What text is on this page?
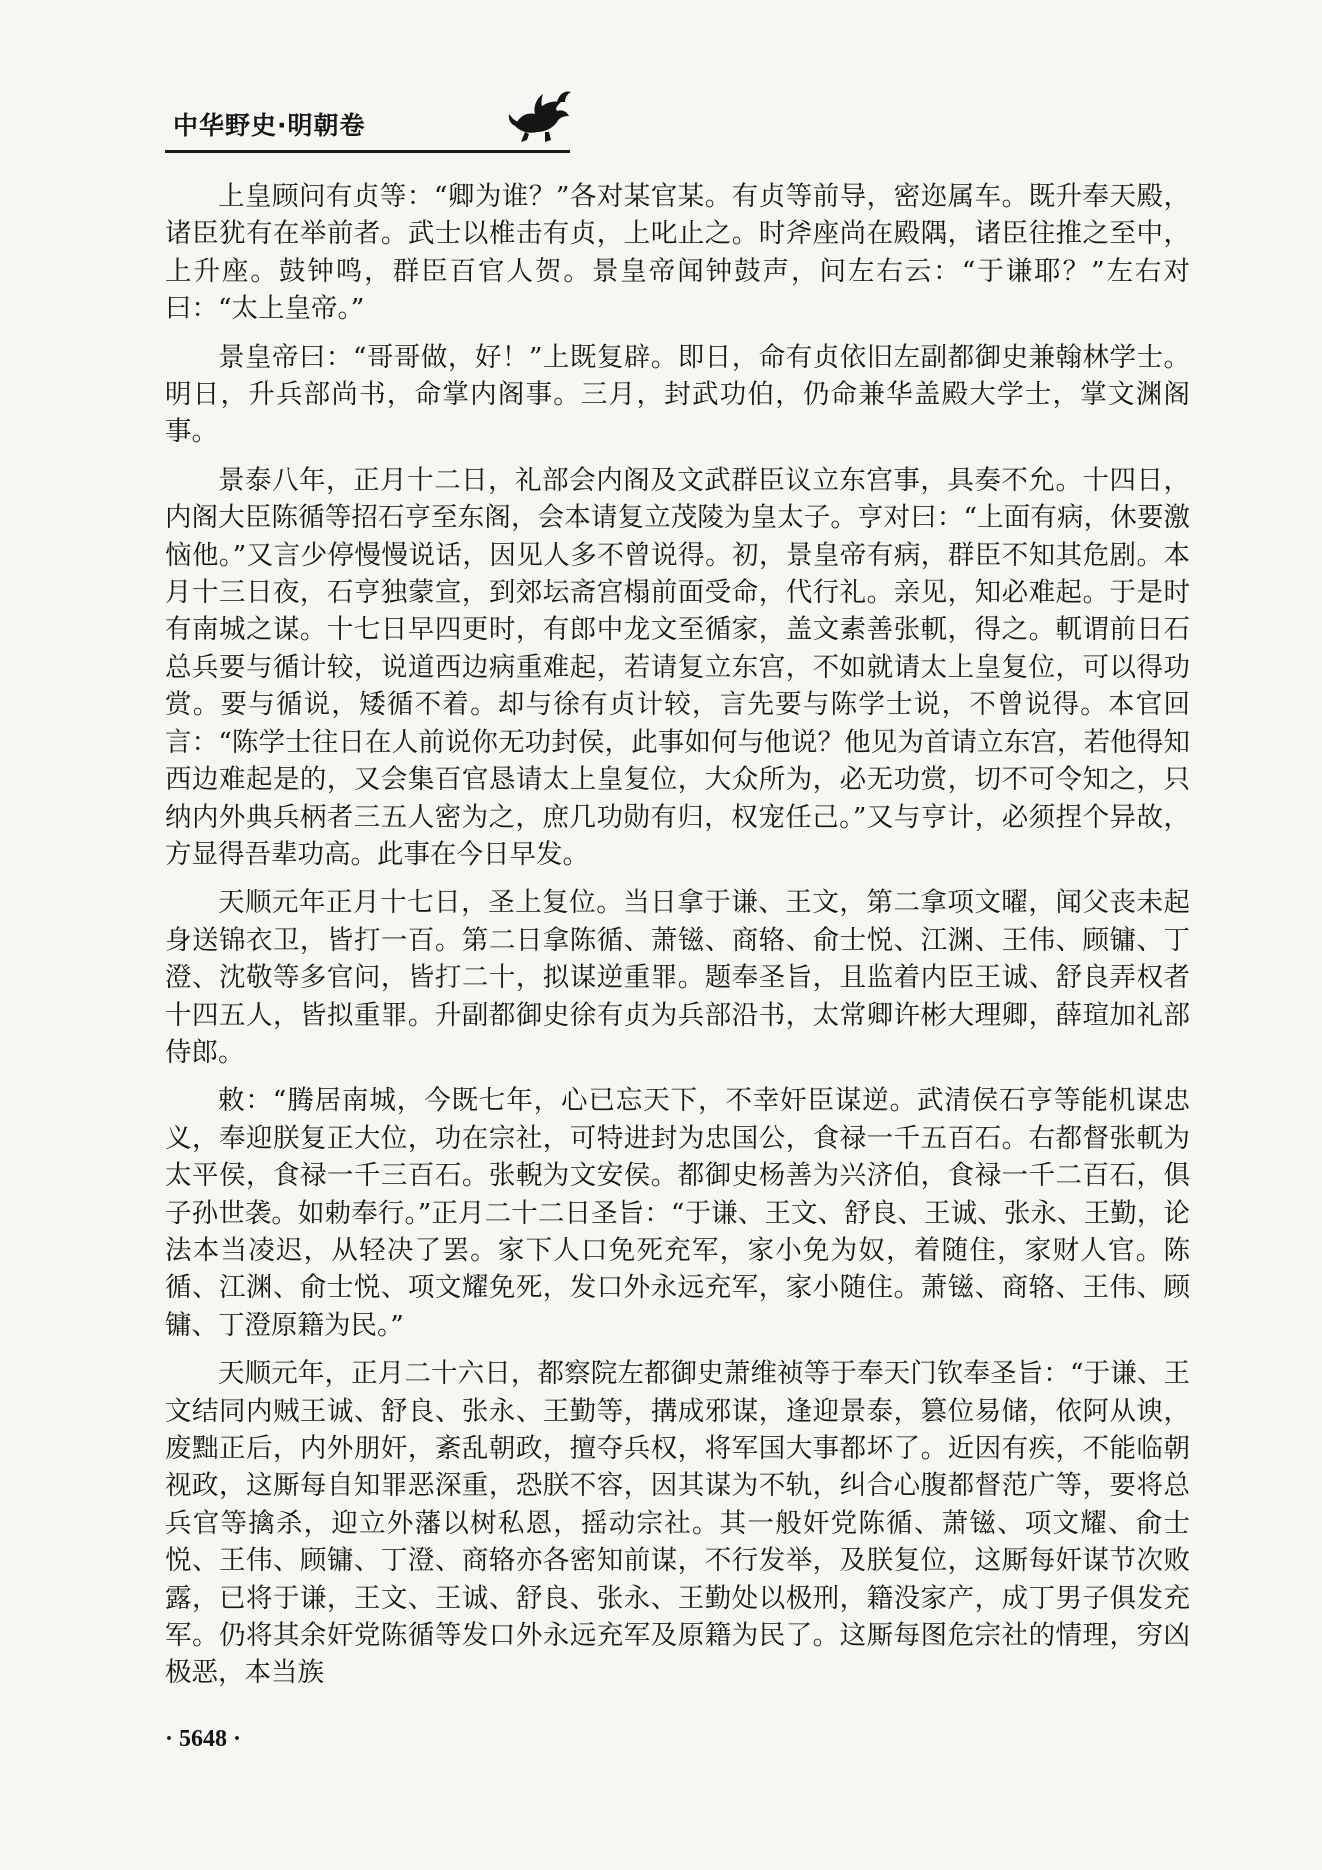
中华野史·明朝卷

上皇顾问有贞等：“卿为谁？”各对某官某。有贞等前导，密迩属车。既升奉天殿，诸臣犹有在举前者。武士以椎击有贞，上叱止之。时斧座尚在殿隅，诸臣往推之至中，上升座。鼓钟鸣，群臣百官人贺。景皇帝闻钟鼓声，问左右云：“于谦耶？”左右对曰：“太上皇帝。”

景皇帝曰：“哥哥做，好！”上既复辟。即日，命有贞依旧左副都御史兼翰林学士。明日，升兵部尚书，命掌内阁事。三月，封武功伯，仍命兼华盖殿大学士，掌文渊阁事。

景泰八年，正月十二日，礼部会内阁及文武群臣议立东宫事，具奏不允。十四日，内阁大臣陈循等招石亨至东阁，会本请复立茂陵为皇太子。亨对曰：“上面有病，休要激恼他。”又言少停慢慢说话，因见人多不曾说得。初，景皇帝有病，群臣不知其危剧。本月十三日夜，石亨独蒙宣，到郊坛斋宫榻前面受命，代行礼。亲见，知必难起。于是时有南城之谋。十七日早四更时，有郎中龙文至循家，盖文素善张軏，得之。軏谓前日石总兵要与循计较，说道西边病重难起，若请复立东宫，不如就请太上皇复位，可以得功赏。要与循说，矮循不着。却与徐有贞计较，言先要与陈学士说，不曾说得。本官回言：“陈学士往日在人前说你无功封侯，此事如何与他说？他见为首请立东宫，若他得知西边难起是的，又会集百官恳请太上皇复位，大众所为，必无功赏，切不可令知之，只纳内外典兵柄者三五人密为之，庶几功勋有归，权宠任己。”又与亨计，必须捏个异故，方显得吾辈功高。此事在今日早发。

天顺元年正月十七日，圣上复位。当日拿于谦、王文，第二拿项文曜，闻父丧未起身送锦衣卫，皆打一百。第二日拿陈循、萧镃、商辂、俞士悦、江渊、王伟、顾镛、丁澄、沈敬等多官问，皆打二十，拟谋逆重罪。题奉圣旨，且监着内臣王诚、舒良弄权者十四五人，皆拟重罪。升副都御史徐有贞为兵部沿书，太常卿许彬大理卿，薛瑄加礼部侍郎。

敕：“腾居南城，今既七年，心已忘天下，不幸奸臣谋逆。武清侯石亨等能机谋忠义，奉迎朕复正大位，功在宗社，可特进封为忠国公，食禄一千五百石。右都督张軏为太平侯，食禄一千三百石。张輗为文安侯。都御史杨善为兴济伯，食禄一千二百石，俱子孙世袭。如勅奉行。”正月二十二日圣旨：“于谦、王文、舒良、王诚、张永、王勤，论法本当凌迟，从轻决了罢。家下人口免死充军，家小免为奴，着随住，家财人官。陈循、江渊、俞士悦、项文耀免死，发口外永远充军，家小随住。萧镃、商辂、王伟、顾镛、丁澄原籍为民。”

天顺元年，正月二十六日，都察院左都御史萧维祯等于奉天门钦奉圣旨：“于谦、王文结同内贼王诚、舒良、张永、王勤等，搆成邪谋，逢迎景泰，篡位易储，依阿从谀，废黜正后，内外朋奸，紊乱朝政，擅夺兵权，将军国大事都坏了。近因有疾，不能临朝视政，这厮每自知罪恶深重，恐朕不容，因其谋为不轨，纠合心腹都督范广等，要将总兵官等擒杀，迎立外藩以树私恩，摇动宗社。其一般奸党陈循、萧镃、项文耀、俞士悦、王伟、顾镛、丁澄、商辂亦各密知前谋，不行发举，及朕复位，这厮每奸谋节次败露，已将于谦，王文、王诚、舒良、张永、王勤处以极刑，籍没家产，成丁男子俱发充军。仍将其余奸党陈循等发口外永远充军及原籍为民了。这厮每图危宗社的情理，穷凶极恶，本当族

· 5648 ·
